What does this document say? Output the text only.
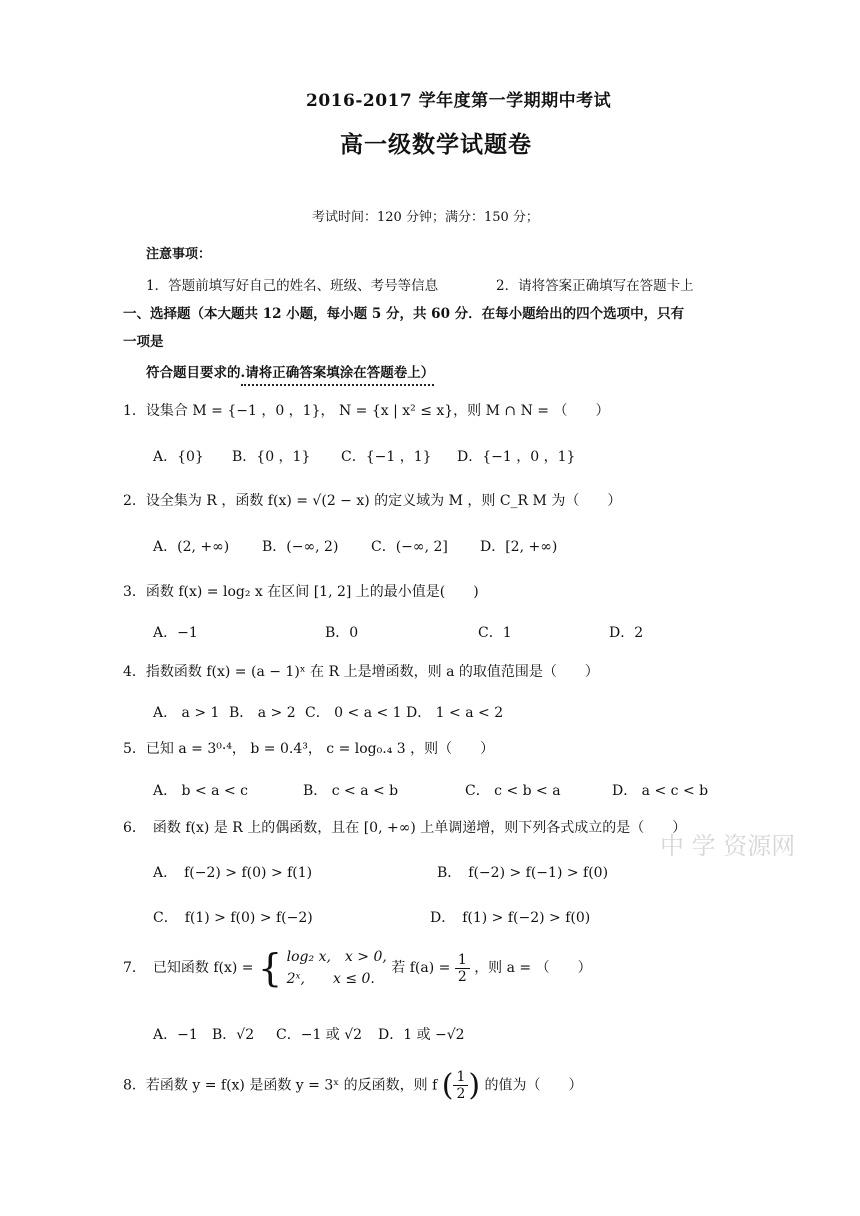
2016-2017 学年度第一学期期中考试
高一级数学试题卷
考试时间：120 分钟；满分：150 分；
注意事项：
1．答题前填写好自己的姓名、班级、考号等信息	2．请将答案正确填写在答题卡上
一、选择题（本大题共 12 小题，每小题 5 分，共 60 分．在每小题给出的四个选项中，只有
一项是
符合题目要求的.请将正确答案填涂在答题卷上）
1．设集合 M = {−1 ，0 ，1}， N = {x | x² ≤ x}，则 M ∩ N = （　　）
A．{0} B．{0 ，1} C．{−1 ，1} D．{−1 ，0 ，1}
2．设全集为 R ，函数 f(x) = √(2 − x) 的定义域为 M ，则 C_R M 为（　　）
A．(2, +∞) B．(−∞, 2) C．(−∞, 2] D．[2, +∞)
3．函数 f(x) = log₂ x 在区间 [1, 2] 上的最小值是(　　)
A．−1	B．0	C．1	D．2
4．指数函数 f(x) = (a − 1)ˣ 在 R 上是增函数，则 a 的取值范围是（　　）
A． a > 1 B． a > 2 C． 0 < a < 1 D． 1 < a < 2
5．已知 a = 3⁰·⁴， b = 0.4³， c = log₀.₄ 3 ，则（　　）
A． b < a < c	B． c < a < b	C． c < b < a	D． a < c < b
6．　函数 f(x) 是 R 上的偶函数，且在 [0, +∞) 上单调递增，则下列各式成立的是（　　）
A．　f(−2) > f(0) > f(1)	B．　f(−2) > f(−1) > f(0)
C．　f(1) > f(0) > f(−2)	D．　f(1) > f(−2) > f(0)
中 学 资源网
7．　已知函数 f(x) = { log₂ x,　x > 0,
2ˣ,　　x ≤ 0.
若 $f(a) = \frac{1}{2}$ ，则 a = （　　）
A．−1 B．√2 C．−1 或 √2 D．1 或 −√2
8．若函数 y = f(x) 是函数 y = 3ˣ 的反函数，则 f ( $\frac{1}{2}$ ) 的值为（　　）
